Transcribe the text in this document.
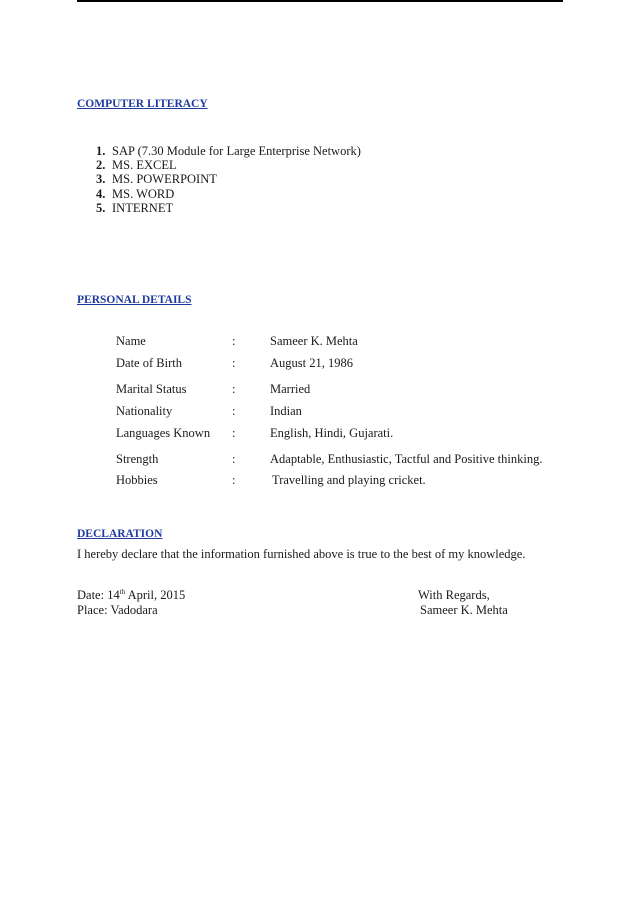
COMPUTER LITERACY
1. SAP (7.30 Module for Large Enterprise Network)
2. MS. EXCEL
3. MS. POWERPOINT
4. MS. WORD
5. INTERNET
PERSONAL DETAILS
Name	:	Sameer K. Mehta
Date of Birth	:	August 21, 1986
Marital Status	:	Married
Nationality	:	Indian
Languages Known :	English, Hindi, Gujarati.
Strength	:	Adaptable, Enthusiastic, Tactful and Positive thinking.
Hobbies	:	Travelling and playing cricket.
DECLARATION
I hereby declare that the information furnished above is true to the best of my knowledge.
Date: 14th April, 2015
Place: Vadodara
With Regards,
Sameer K. Mehta
